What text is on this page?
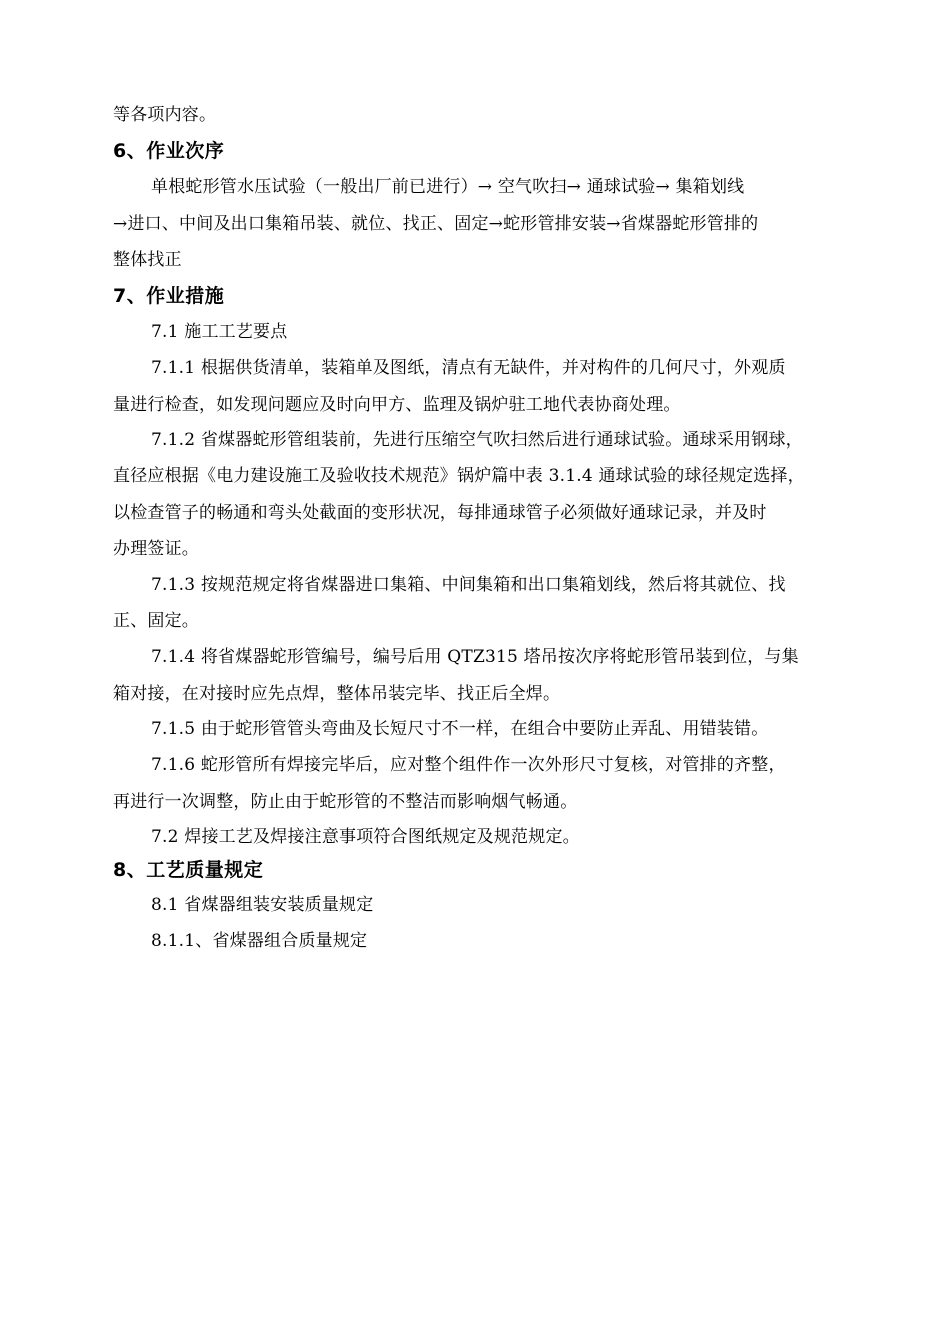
等各项内容。
6、作业次序
单根蛇形管水压试验（一般出厂前已进行）→ 空气吹扫→ 通球试验→ 集箱划线
→进口、中间及出口集箱吊装、就位、找正、固定→蛇形管排安装→省煤器蛇形管排的
整体找正
7、作业措施
7.1 施工工艺要点
7.1.1 根据供货清单，装箱单及图纸，清点有无缺件，并对构件的几何尺寸，外观质
量进行检查，如发现问题应及时向甲方、监理及锅炉驻工地代表协商处理。
7.1.2 省煤器蛇形管组装前，先进行压缩空气吹扫然后进行通球试验。通球采用钢球，
直径应根据《电力建设施工及验收技术规范》锅炉篇中表 3.1.4 通球试验的球径规定选择，
以检查管子的畅通和弯头处截面的变形状况，每排通球管子必须做好通球记录，并及时
办理签证。
7.1.3 按规范规定将省煤器进口集箱、中间集箱和出口集箱划线，然后将其就位、找
正、固定。
7.1.4 将省煤器蛇形管编号，编号后用 QTZ315 塔吊按次序将蛇形管吊装到位，与集
箱对接，在对接时应先点焊，整体吊装完毕、找正后全焊。
7.1.5 由于蛇形管管头弯曲及长短尺寸不一样，在组合中要防止弄乱、用错装错。
7.1.6 蛇形管所有焊接完毕后，应对整个组件作一次外形尺寸复核，对管排的齐整，
再进行一次调整，防止由于蛇形管的不整洁而影响烟气畅通。
7.2 焊接工艺及焊接注意事项符合图纸规定及规范规定。
8、工艺质量规定
8.1 省煤器组装安装质量规定
8.1.1、省煤器组合质量规定
